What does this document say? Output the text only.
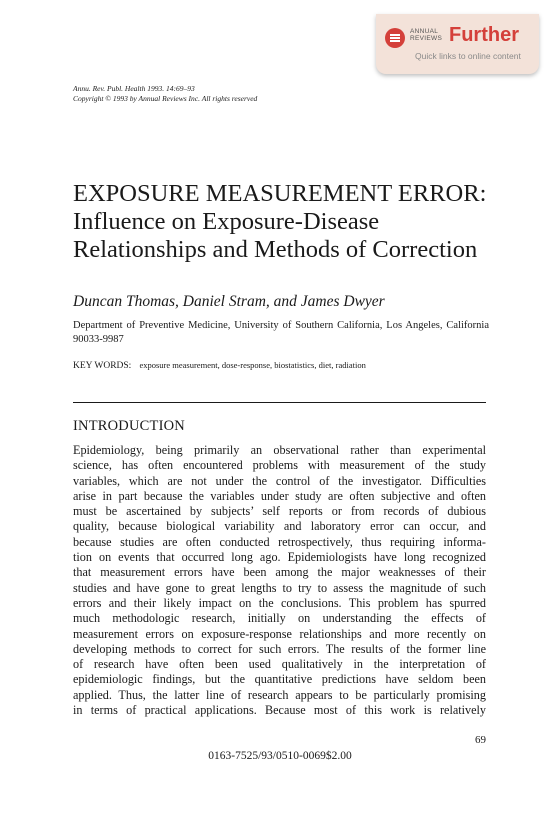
ANNUAL
REVIEWS Further
Quick links to online content
Annu. Rev. Publ. Health 1993. 14:69–93
Copyright © 1993 by Annual Reviews Inc. All rights reserved
EXPOSURE MEASUREMENT ERROR:
Influence on Exposure-Disease
Relationships and Methods of Correction
Duncan Thomas, Daniel Stram, and James Dwyer
Department of Preventive Medicine, University of Southern California, Los Angeles, California 90033-9987
KEY WORDS: exposure measurement, dose-response, biostatistics, diet, radiation
INTRODUCTION
Epidemiology, being primarily an observational rather than experimental
science, has often encountered problems with measurement of the study
variables, which are not under the control of the investigator. Difficulties
arise in part because the variables under study are often subjective and often
must be ascertained by subjects’ self reports or from records of dubious
quality, because biological variability and laboratory error can occur, and
because studies are often conducted retrospectively, thus requiring informa-
tion on events that occurred long ago. Epidemiologists have long recognized
that measurement errors have been among the major weaknesses of their
studies and have gone to great lengths to try to assess the magnitude of such
errors and their likely impact on the conclusions. This problem has spurred
much methodologic research, initially on understanding the effects of
measurement errors on exposure-response relationships and more recently on
developing methods to correct for such errors. The results of the former line
of research have often been used qualitatively in the interpretation of
epidemiologic findings, but the quantitative predictions have seldom been
applied. Thus, the latter line of research appears to be particularly promising
in terms of practical applications. Because most of this work is relatively
69
0163-7525/93/0510-0069$2.00
